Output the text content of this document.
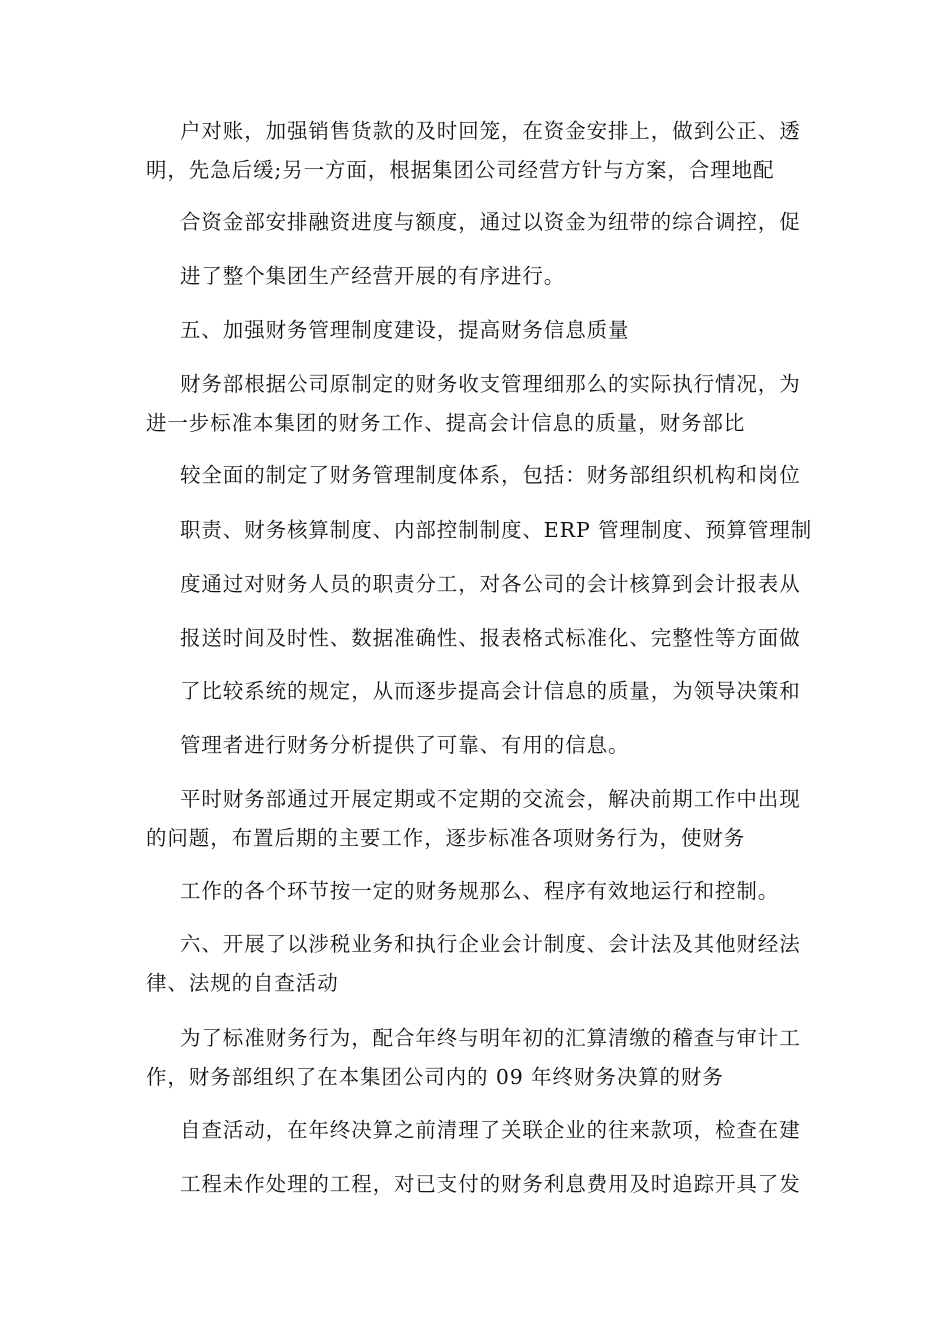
户对账，加强销售货款的及时回笼，在资金安排上，做到公正、透
明，先急后缓;另一方面，根据集团公司经营方针与方案，合理地配
合资金部安排融资进度与额度，通过以资金为纽带的综合调控，促
进了整个集团生产经营开展的有序进行。
五、加强财务管理制度建设，提高财务信息质量
财务部根据公司原制定的财务收支管理细那么的实际执行情况，为
进一步标准本集团的财务工作、提高会计信息的质量，财务部比
较全面的制定了财务管理制度体系，包括：财务部组织机构和岗位
职责、财务核算制度、内部控制制度、ERP 管理制度、预算管理制
度通过对财务人员的职责分工，对各公司的会计核算到会计报表从
报送时间及时性、数据准确性、报表格式标准化、完整性等方面做
了比较系统的规定，从而逐步提高会计信息的质量，为领导决策和
管理者进行财务分析提供了可靠、有用的信息。
平时财务部通过开展定期或不定期的交流会，解决前期工作中出现
的问题，布置后期的主要工作，逐步标准各项财务行为，使财务
工作的各个环节按一定的财务规那么、程序有效地运行和控制。
六、开展了以涉税业务和执行企业会计制度、会计法及其他财经法
律、法规的自查活动
为了标准财务行为，配合年终与明年初的汇算清缴的稽查与审计工
作，财务部组织了在本集团公司内的 09 年终财务决算的财务
自查活动，在年终决算之前清理了关联企业的往来款项，检查在建
工程未作处理的工程，对已支付的财务利息费用及时追踪开具了发
